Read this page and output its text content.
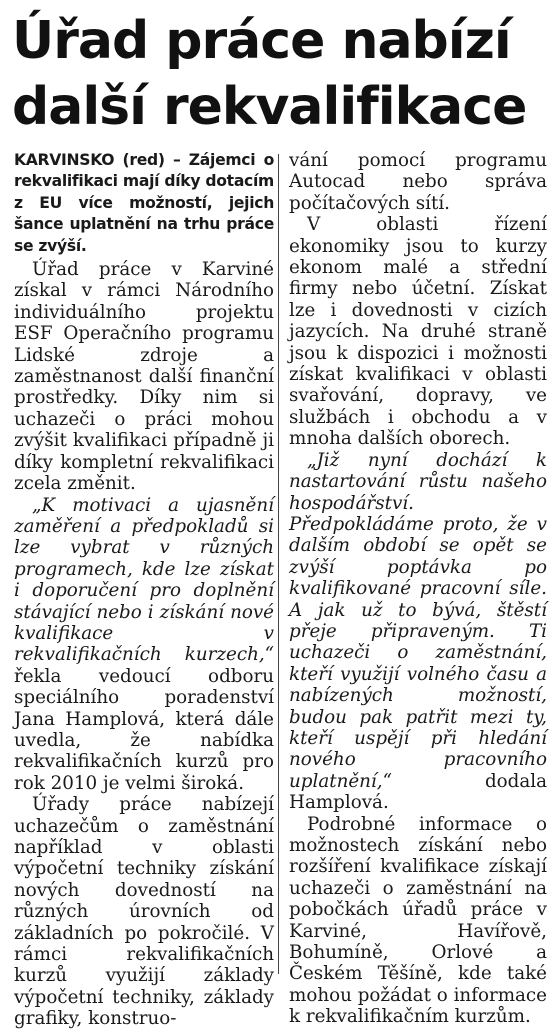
Úřad práce nabízí
další rekvalifikace
KARVINSKO (red) – Zájemci o rekvalifikaci mají díky dotacím z EU více možností, jejich šance uplatnění na trhu práce se zvýší.

Úřad práce v Karviné získal v rámci Národního individuálního projektu ESF Operačního programu Lidské zdroje a zaměstnanost další finanční prostředky. Díky nim si uchazeči o práci mohou zvýšit kvalifikaci případně ji díky kompletní rekvalifikaci zcela změnit.

„K motivaci a ujasnění zaměření a předpokladů si lze vybrat v různých programech, kde lze získat i doporučení pro doplnění stávající nebo i získání nové kvalifikace v rekvalifikačních kurzech,“ řekla vedoucí odboru speciálního poradenství Jana Hamplová, která dále uvedla, že nabídka rekvalifikačních kurzů pro rok 2010 je velmi široká.

Úřady práce nabízejí uchazečům o zaměstnání například v oblasti výpočetní techniky získání nových dovedností na různých úrovních od základních po pokročilé. V rámci rekvalifikačních kurzů využijí základy výpočetní techniky, základy grafiky, konstruo-

vání pomocí programu Autocad nebo správa počítačových sítí.

V oblasti řízení ekonomiky jsou to kurzy ekonom malé a střední firmy nebo účetní. Získat lze i dovednosti v cizích jazycích. Na druhé straně jsou k dispozici i možnosti získat kvalifikaci v oblasti svařování, dopravy, ve službách i obchodu a v mnoha dalších oborech.

„Již nyní dochází k nastartování růstu našeho hospodářství. Předpokládáme proto, že v dalším období se opět se zvýší poptávka po kvalifikované pracovní síle. A jak už to bývá, štěstí přeje připraveným. Ti uchazeči o zaměstnání, kteří využijí volného času a nabízených možností, budou pak patřit mezi ty, kteří uspějí při hledání nového pracovního uplatnění,“	dodala Hamplová.

Podrobné informace o možnostech získání nebo rozšíření kvalifikace získají uchazeči o zaměstnání na pobočkách úřadů práce v Karviné, Havířově, Bohumíně, Orlové a Českém Těšíně, kde také mohou požádat o informace k rekvalifikačním kurzům.
